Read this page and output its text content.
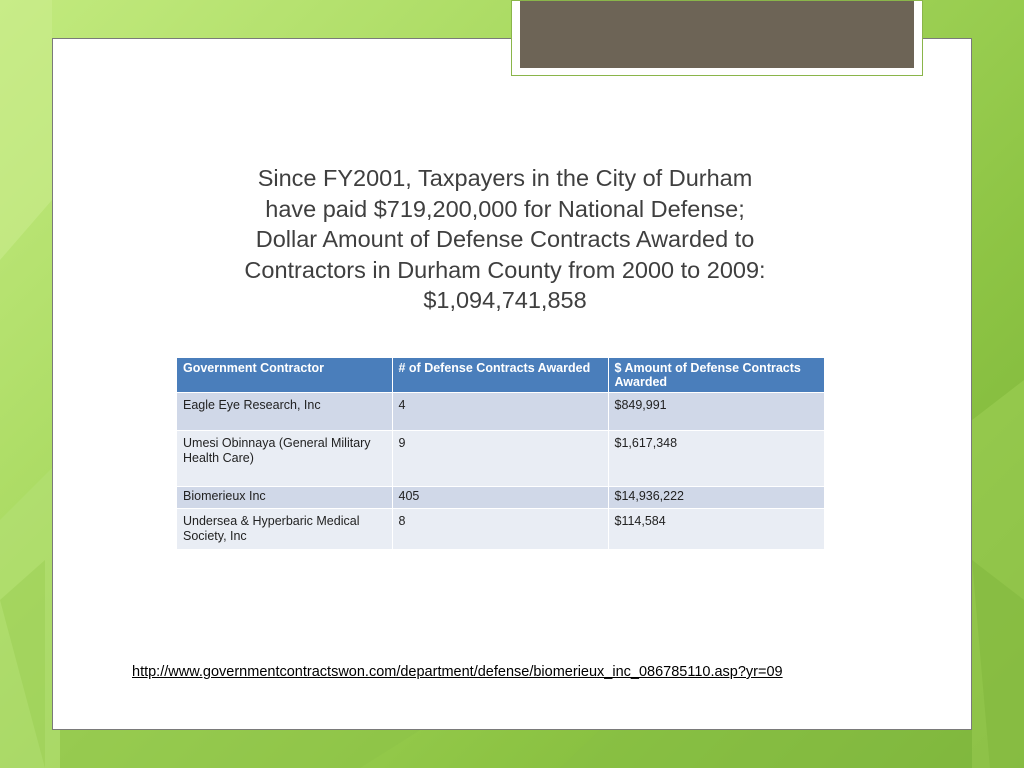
Since FY2001, Taxpayers in the City of Durham
have paid $719,200,000 for National Defense;
Dollar Amount of Defense Contracts Awarded to
Contractors in Durham County from 2000 to 2009:
$1,094,741,858
Government Contractor	# of Defense Contracts Awarded	$ Amount of Defense Contracts Awarded
Eagle Eye Research, Inc	4	$849,991
Umesi Obinnaya (General Military Health Care)	9	$1,617,348
Biomerieux Inc	405	$14,936,222
Undersea & Hyperbaric Medical Society, Inc	8	$114,584
http://www.governmentcontractswon.com/department/defense/biomerieux_inc_086785110.asp?yr=09
